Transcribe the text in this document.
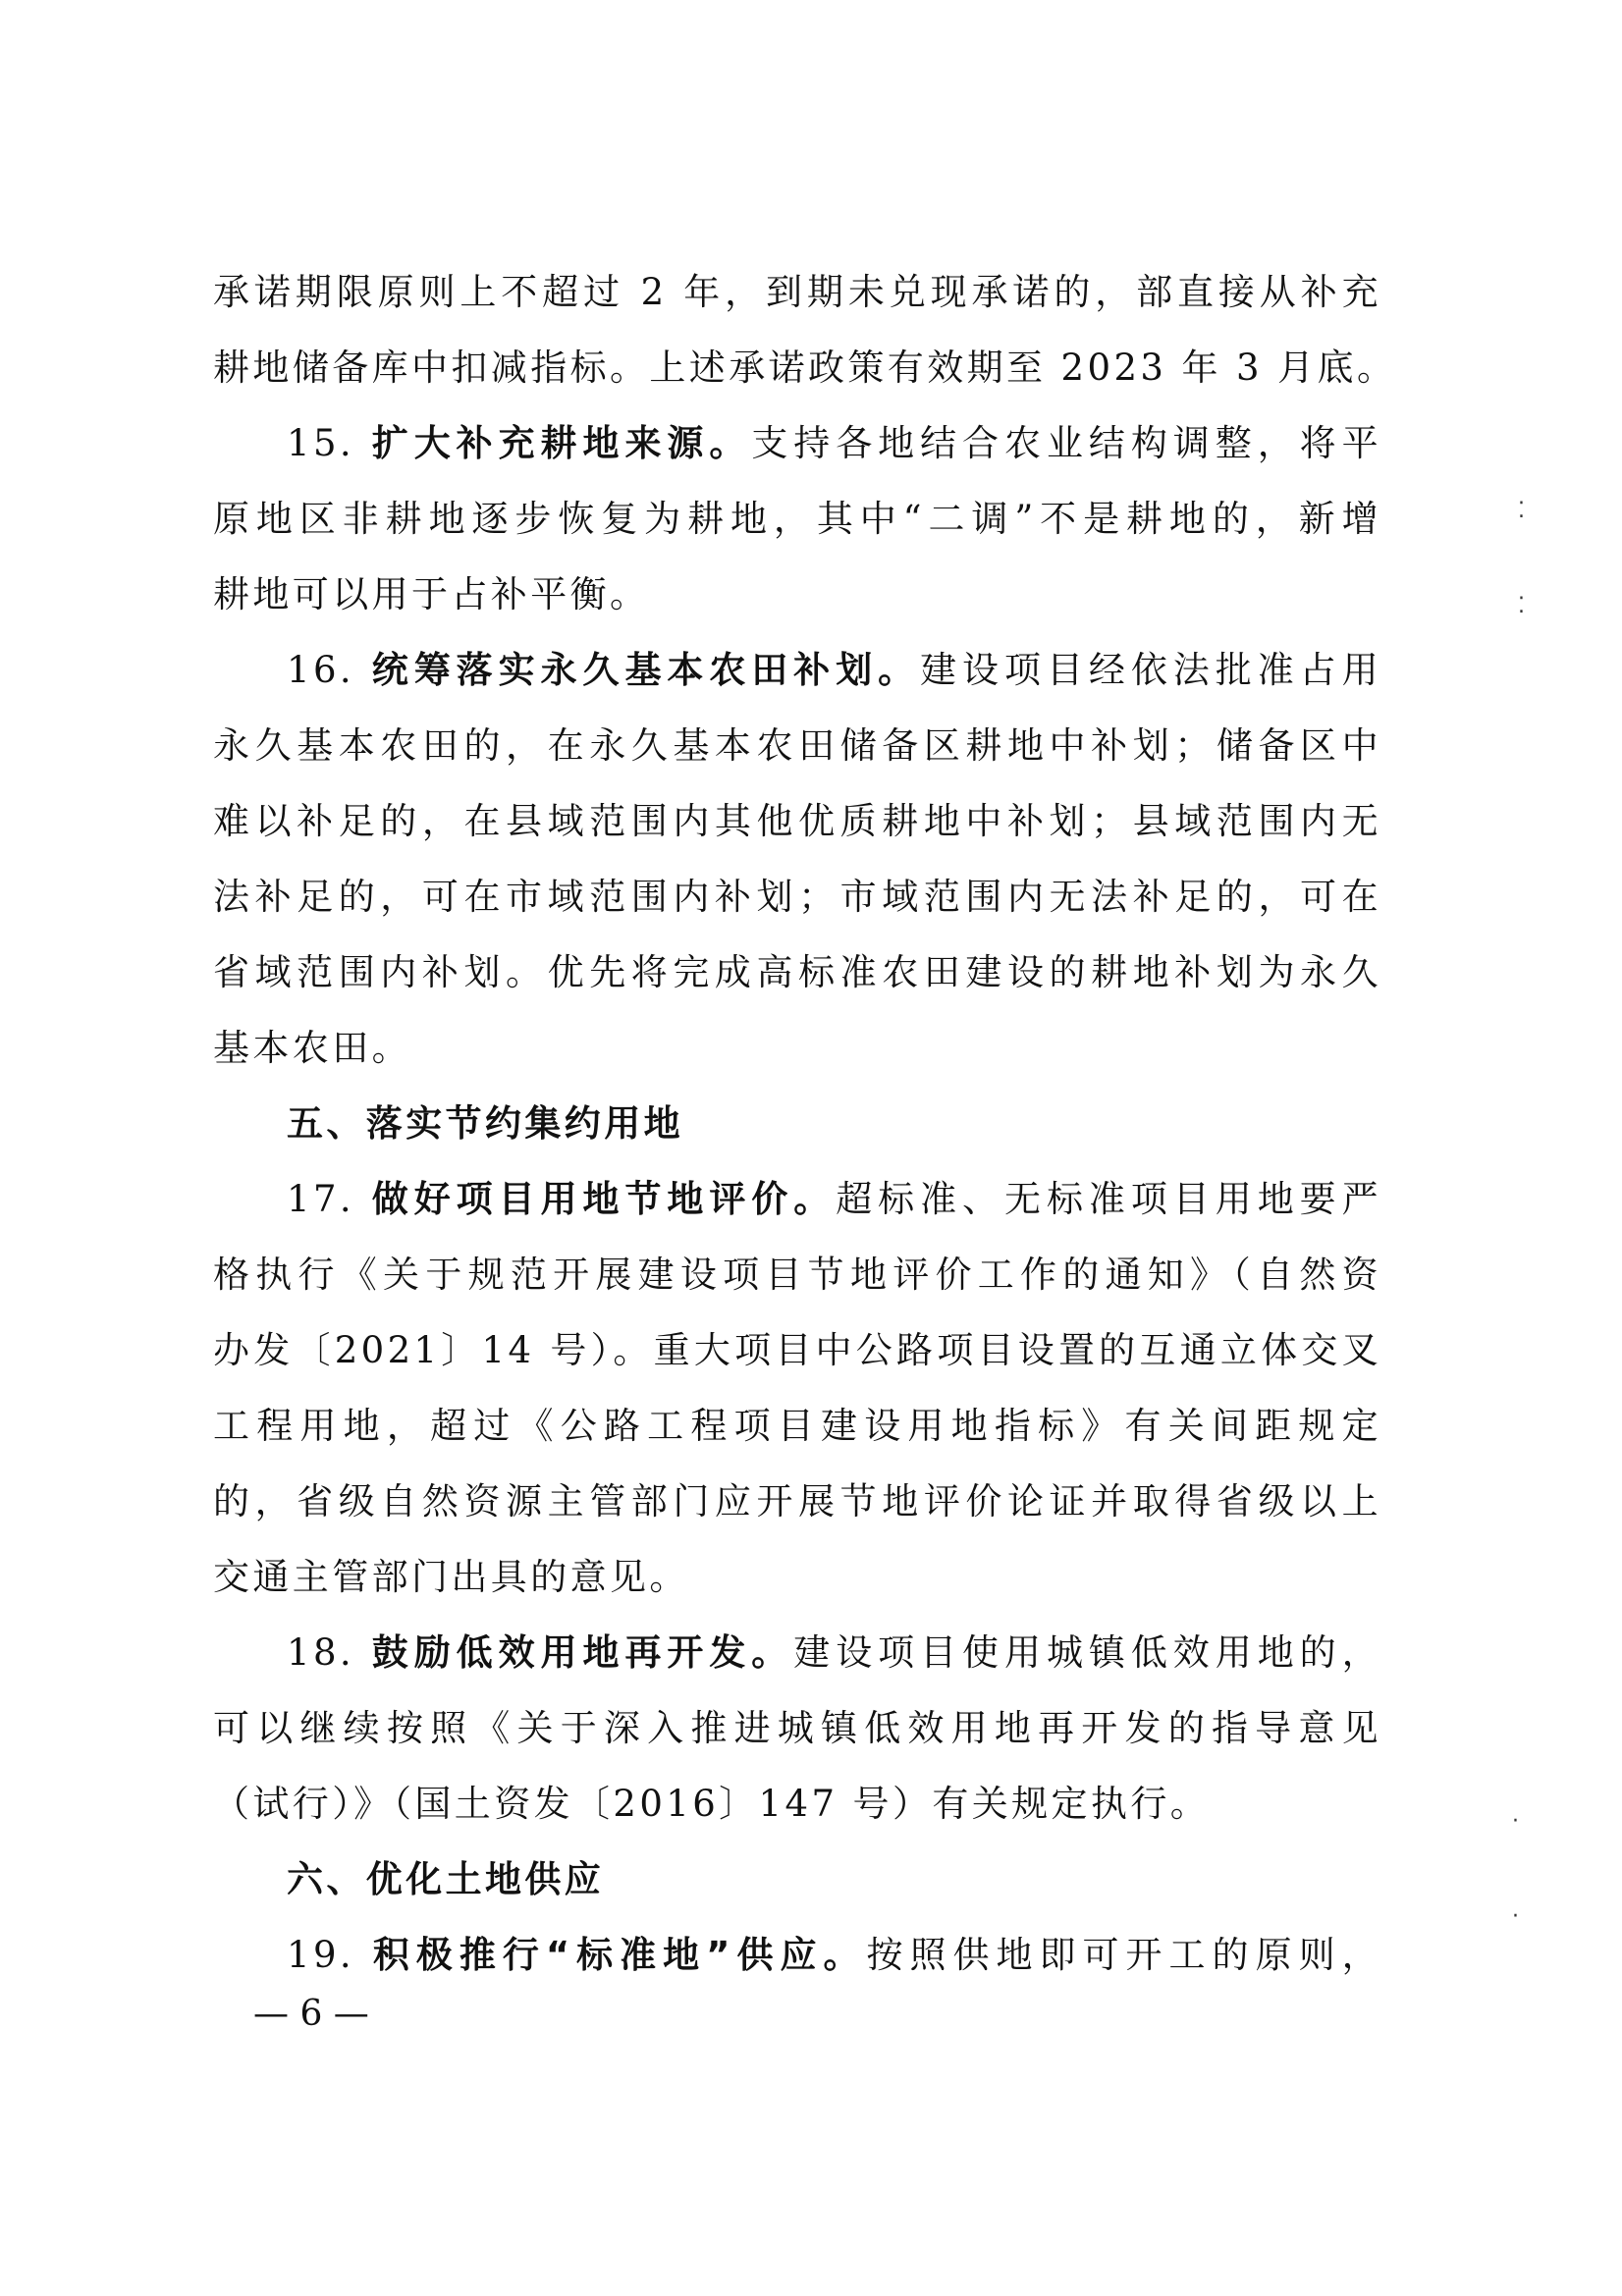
承诺期限原则上不超过 2 年，到期未兑现承诺的，部直接从补充
耕地储备库中扣减指标。上述承诺政策有效期至 2023 年 3 月底。
15. 扩大补充耕地来源。支持各地结合农业结构调整，将平
原地区非耕地逐步恢复为耕地，其中“二调”不是耕地的，新增
耕地可以用于占补平衡。
16. 统筹落实永久基本农田补划。建设项目经依法批准占用
永久基本农田的，在永久基本农田储备区耕地中补划；储备区中
难以补足的，在县域范围内其他优质耕地中补划；县域范围内无
法补足的，可在市域范围内补划；市域范围内无法补足的，可在
省域范围内补划。优先将完成高标准农田建设的耕地补划为永久
基本农田。
五、落实节约集约用地
17. 做好项目用地节地评价。超标准、无标准项目用地要严
格执行《关于规范开展建设项目节地评价工作的通知》（自然资
办发〔2021〕14 号）。重大项目中公路项目设置的互通立体交叉
工程用地，超过《公路工程项目建设用地指标》有关间距规定
的，省级自然资源主管部门应开展节地评价论证并取得省级以上
交通主管部门出具的意见。
18. 鼓励低效用地再开发。建设项目使用城镇低效用地的，
可以继续按照《关于深入推进城镇低效用地再开发的指导意见
（试行）》（国土资发〔2016〕147 号）有关规定执行。
六、优化土地供应
19. 积极推行“标准地”供应。按照供地即可开工的原则，
— 6 —
⁚
⁚
·
·
